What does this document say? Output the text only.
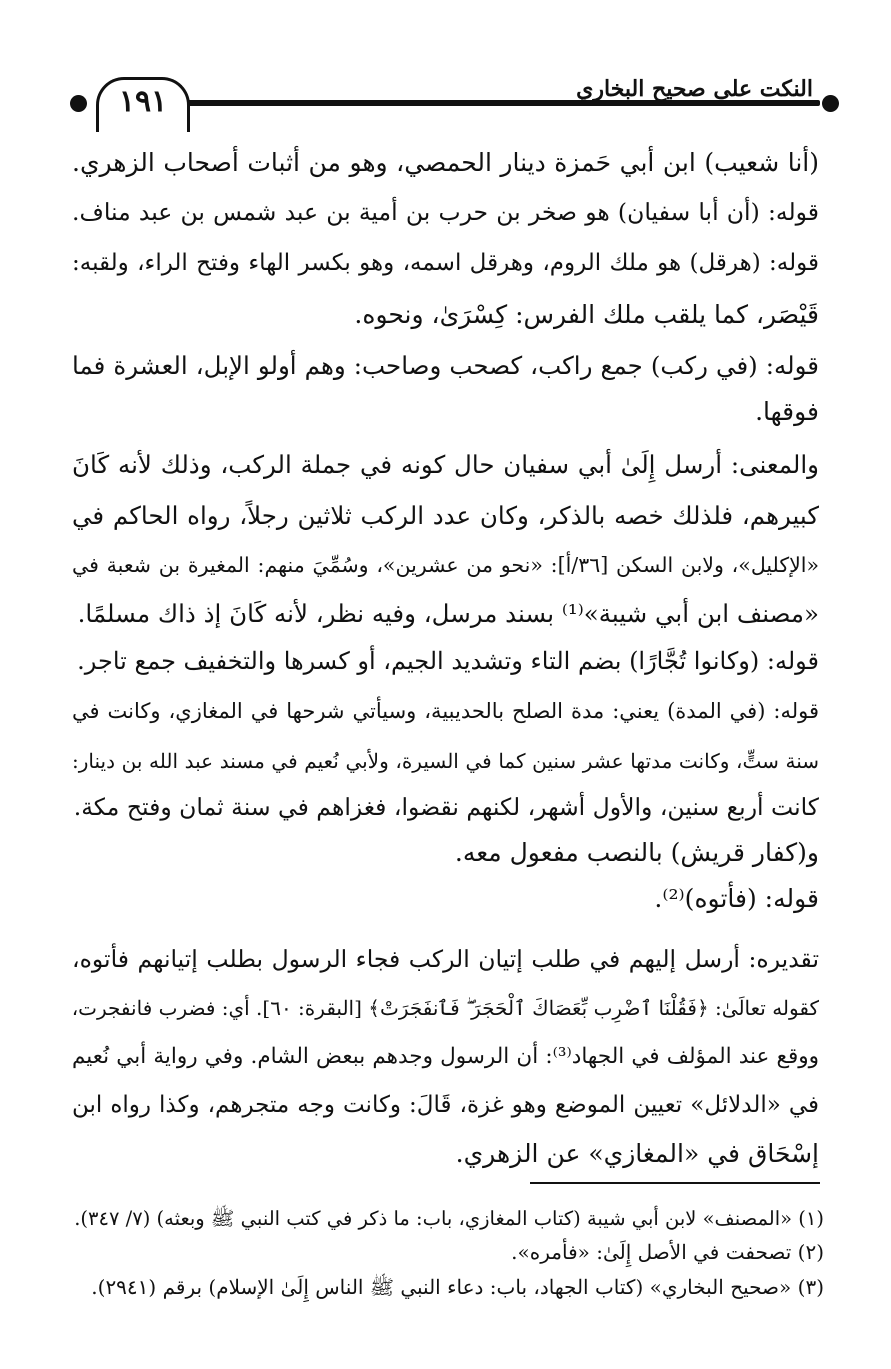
١٩١	النكت على صحيح البخاري
(أنا شعيب) ابن أبي حَمزة دينار الحمصي، وهو من أثبات أصحاب الزهري.
قوله: (أن أبا سفيان) هو صخر بن حرب بن أمية بن عبد شمس بن عبد مناف.
قوله: (هرقل) هو ملك الروم، وهرقل اسمه، وهو بكسر الهاء وفتح الراء، ولقبه:
قَيْصَر، كما يلقب ملك الفرس: كِسْرَىٰ، ونحوه.
قوله: (في ركب) جمع راكب، كصحب وصاحب: وهم أولو الإبل، العشرة فما
فوقها.
والمعنى: أرسل إِلَىٰ أبي سفيان حال كونه في جملة الركب، وذلك لأنه كَانَ
كبيرهم، فلذلك خصه بالذكر، وكان عدد الركب ثلاثين رجلاً، رواه الحاكم في
«الإكليل»، ولابن السكن [٣٦/أ]: «نحو من عشرين»، وسُمِّيَ منهم: المغيرة بن شعبة في
«مصنف ابن أبي شيبة»⁽¹⁾ بسند مرسل، وفيه نظر، لأنه كَانَ إذ ذاك مسلمًا.
قوله: (وكانوا تُجَّارًا) بضم التاء وتشديد الجيم، أو كسرها والتخفيف جمع تاجر.
قوله: (في المدة) يعني: مدة الصلح بالحديبية، وسيأتي شرحها في المغازي، وكانت في
سنة ستٍّ، وكانت مدتها عشر سنين كما في السيرة، ولأبي نُعيم في مسند عبد الله بن دينار:
كانت أربع سنين، والأول أشهر، لكنهم نقضوا، فغزاهم في سنة ثمان وفتح مكة.
و(كفار قريش) بالنصب مفعول معه.
قوله: (فأتوه)⁽²⁾.
تقديره: أرسل إليهم في طلب إتيان الركب فجاء الرسول بطلب إتيانهم فأتوه،
كقوله تعالَىٰ: ﴿فَقُلْنَا ٱضْرِب بِّعَصَاكَ ٱلْحَجَرَ ۖ فَٱنفَجَرَتْ﴾ [البقرة: ٦٠]. أي: فضرب فانفجرت،
ووقع عند المؤلف في الجهاد⁽³⁾: أن الرسول وجدهم ببعض الشام. وفي رواية أبي نُعيم
في «الدلائل» تعيين الموضع وهو غزة، قَالَ: وكانت وجه متجرهم، وكذا رواه ابن
إسْحَاق في «المغازي» عن الزهري.
(١) «المصنف» لابن أبي شيبة (كتاب المغازي، باب: ما ذكر في كتب النبي ﷺ وبعثه) (٧/ ٣٤٧).
(٢) تصحفت في الأصل إِلَىٰ: «فأمره».
(٣) «صحيح البخاري» (كتاب الجهاد، باب: دعاء النبي ﷺ الناس إِلَىٰ الإسلام) برقم (٢٩٤١).
